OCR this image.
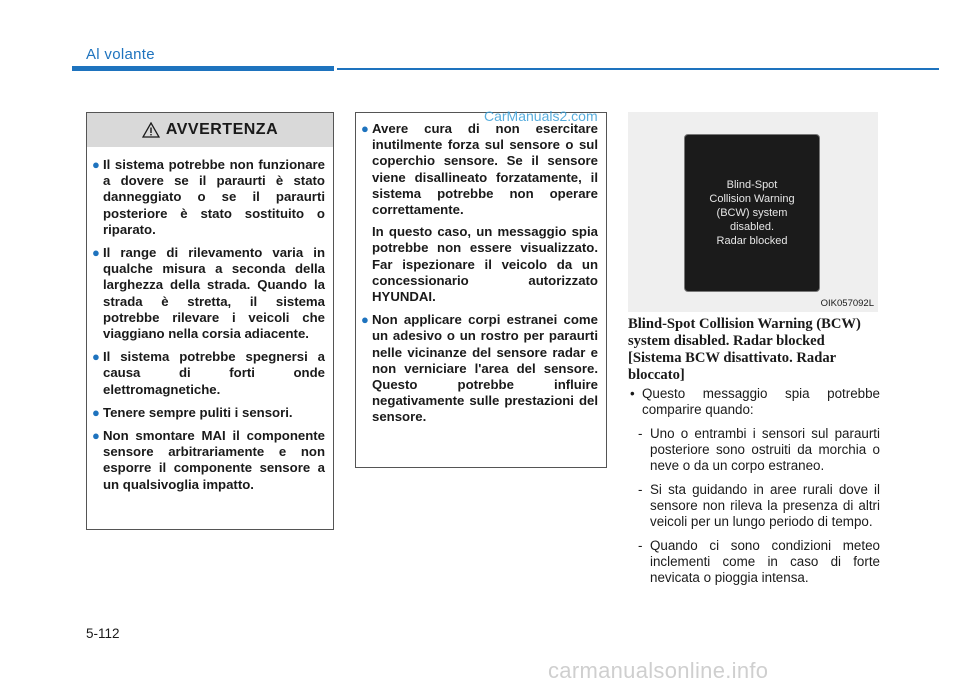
Al volante
AVVERTENZA
● Il sistema potrebbe non funzionare a dovere se il paraurti è stato danneggiato o se il paraurti posteriore è stato sostituito o riparato.
● Il range di rilevamento varia in qualche misura a seconda della larghezza della strada. Quando la strada è stretta, il sistema potrebbe rilevare i veicoli che viaggiano nella corsia adiacente.
● Il sistema potrebbe spegnersi a causa di forti onde elettromagnetiche.
● Tenere sempre puliti i sensori.
● Non smontare MAI il componente sensore arbitrariamente e non esporre il componente sensore a un qualsivoglia impatto.
● Avere cura di non esercitare inutilmente forza sul sensore o sul coperchio sensore. Se il sensore viene disallineato forzatamente, il sistema potrebbe non operare correttamente.
In questo caso, un messaggio spia potrebbe non essere visualizzato. Far ispezionare il veicolo da un concessionario autorizzato HYUNDAI.
● Non applicare corpi estranei come un adesivo o un rostro per paraurti nelle vicinanze del sensore radar e non verniciare l'area del sensore. Questo potrebbe influire negativamente sulle prestazioni del sensore.
CarManuals2.com
Blind-Spot
Collision Warning
(BCW) system
disabled.
Radar blocked
OIK057092L
Blind-Spot Collision Warning (BCW) system disabled. Radar blocked [Sistema BCW disattivato. Radar bloccato]
• Questo messaggio spia potrebbe comparire quando:
- Uno o entrambi i sensori sul paraurti posteriore sono ostruiti da morchia o neve o da un corpo estraneo.
- Si sta guidando in aree rurali dove il sensore non rileva la presenza di altri veicoli per un lungo periodo di tempo.
- Quando ci sono condizioni meteo inclementi come in caso di forte nevicata o pioggia intensa.
5-112
carmanualsonline.info
